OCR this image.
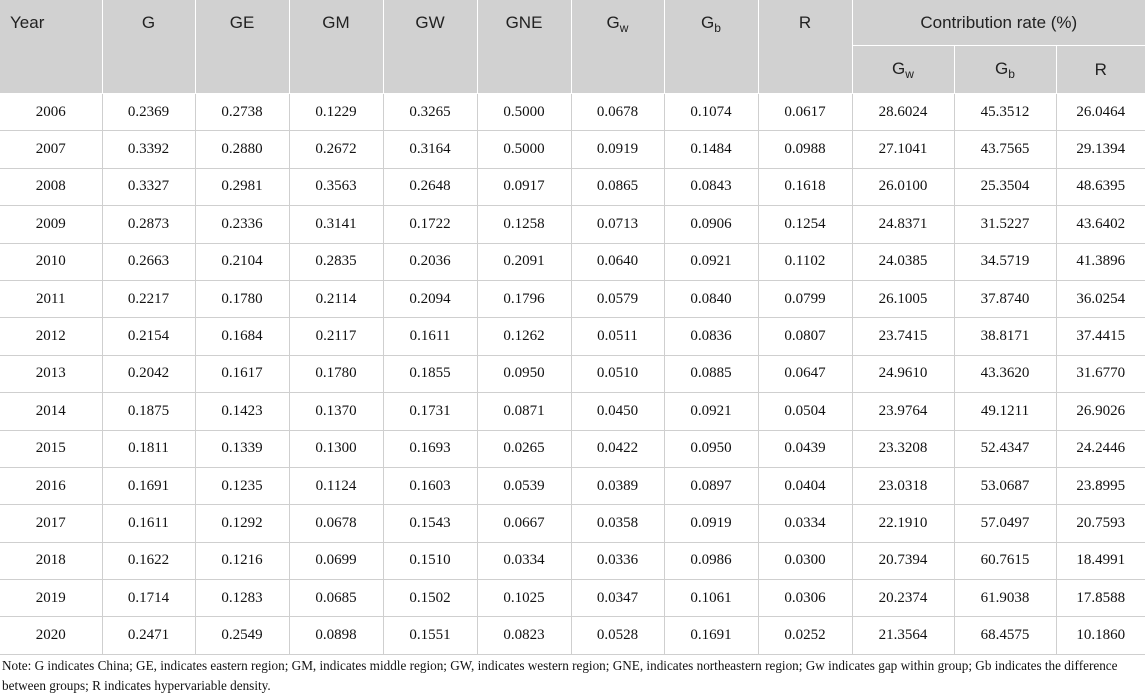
Year	G	GE	GM	GW	GNE	$G_w$	$G_b$	R	Contribution rate (%)		
									$G_w$	$G_b$	R
2006	0.2369	0.2738	0.1229	0.3265	0.5000	0.0678	0.1074	0.0617	28.6024	45.3512	26.0464
2007	0.3392	0.2880	0.2672	0.3164	0.5000	0.0919	0.1484	0.0988	27.1041	43.7565	29.1394
2008	0.3327	0.2981	0.3563	0.2648	0.0917	0.0865	0.0843	0.1618	26.0100	25.3504	48.6395
2009	0.2873	0.2336	0.3141	0.1722	0.1258	0.0713	0.0906	0.1254	24.8371	31.5227	43.6402
2010	0.2663	0.2104	0.2835	0.2036	0.2091	0.0640	0.0921	0.1102	24.0385	34.5719	41.3896
2011	0.2217	0.1780	0.2114	0.2094	0.1796	0.0579	0.0840	0.0799	26.1005	37.8740	36.0254
2012	0.2154	0.1684	0.2117	0.1611	0.1262	0.0511	0.0836	0.0807	23.7415	38.8171	37.4415
2013	0.2042	0.1617	0.1780	0.1855	0.0950	0.0510	0.0885	0.0647	24.9610	43.3620	31.6770
2014	0.1875	0.1423	0.1370	0.1731	0.0871	0.0450	0.0921	0.0504	23.9764	49.1211	26.9026
2015	0.1811	0.1339	0.1300	0.1693	0.0265	0.0422	0.0950	0.0439	23.3208	52.4347	24.2446
2016	0.1691	0.1235	0.1124	0.1603	0.0539	0.0389	0.0897	0.0404	23.0318	53.0687	23.8995
2017	0.1611	0.1292	0.0678	0.1543	0.0667	0.0358	0.0919	0.0334	22.1910	57.0497	20.7593
2018	0.1622	0.1216	0.0699	0.1510	0.0334	0.0336	0.0986	0.0300	20.7394	60.7615	18.4991
2019	0.1714	0.1283	0.0685	0.1502	0.1025	0.0347	0.1061	0.0306	20.2374	61.9038	17.8588
2020	0.2471	0.2549	0.0898	0.1551	0.0823	0.0528	0.1691	0.0252	21.3564	68.4575	10.1860
Note: G indicates China; GE, indicates eastern region; GM, indicates middle region; GW, indicates western region; GNE, indicates northeastern region; Gw indicates gap within group; Gb indicates the difference between groups; R indicates hypervariable density.
